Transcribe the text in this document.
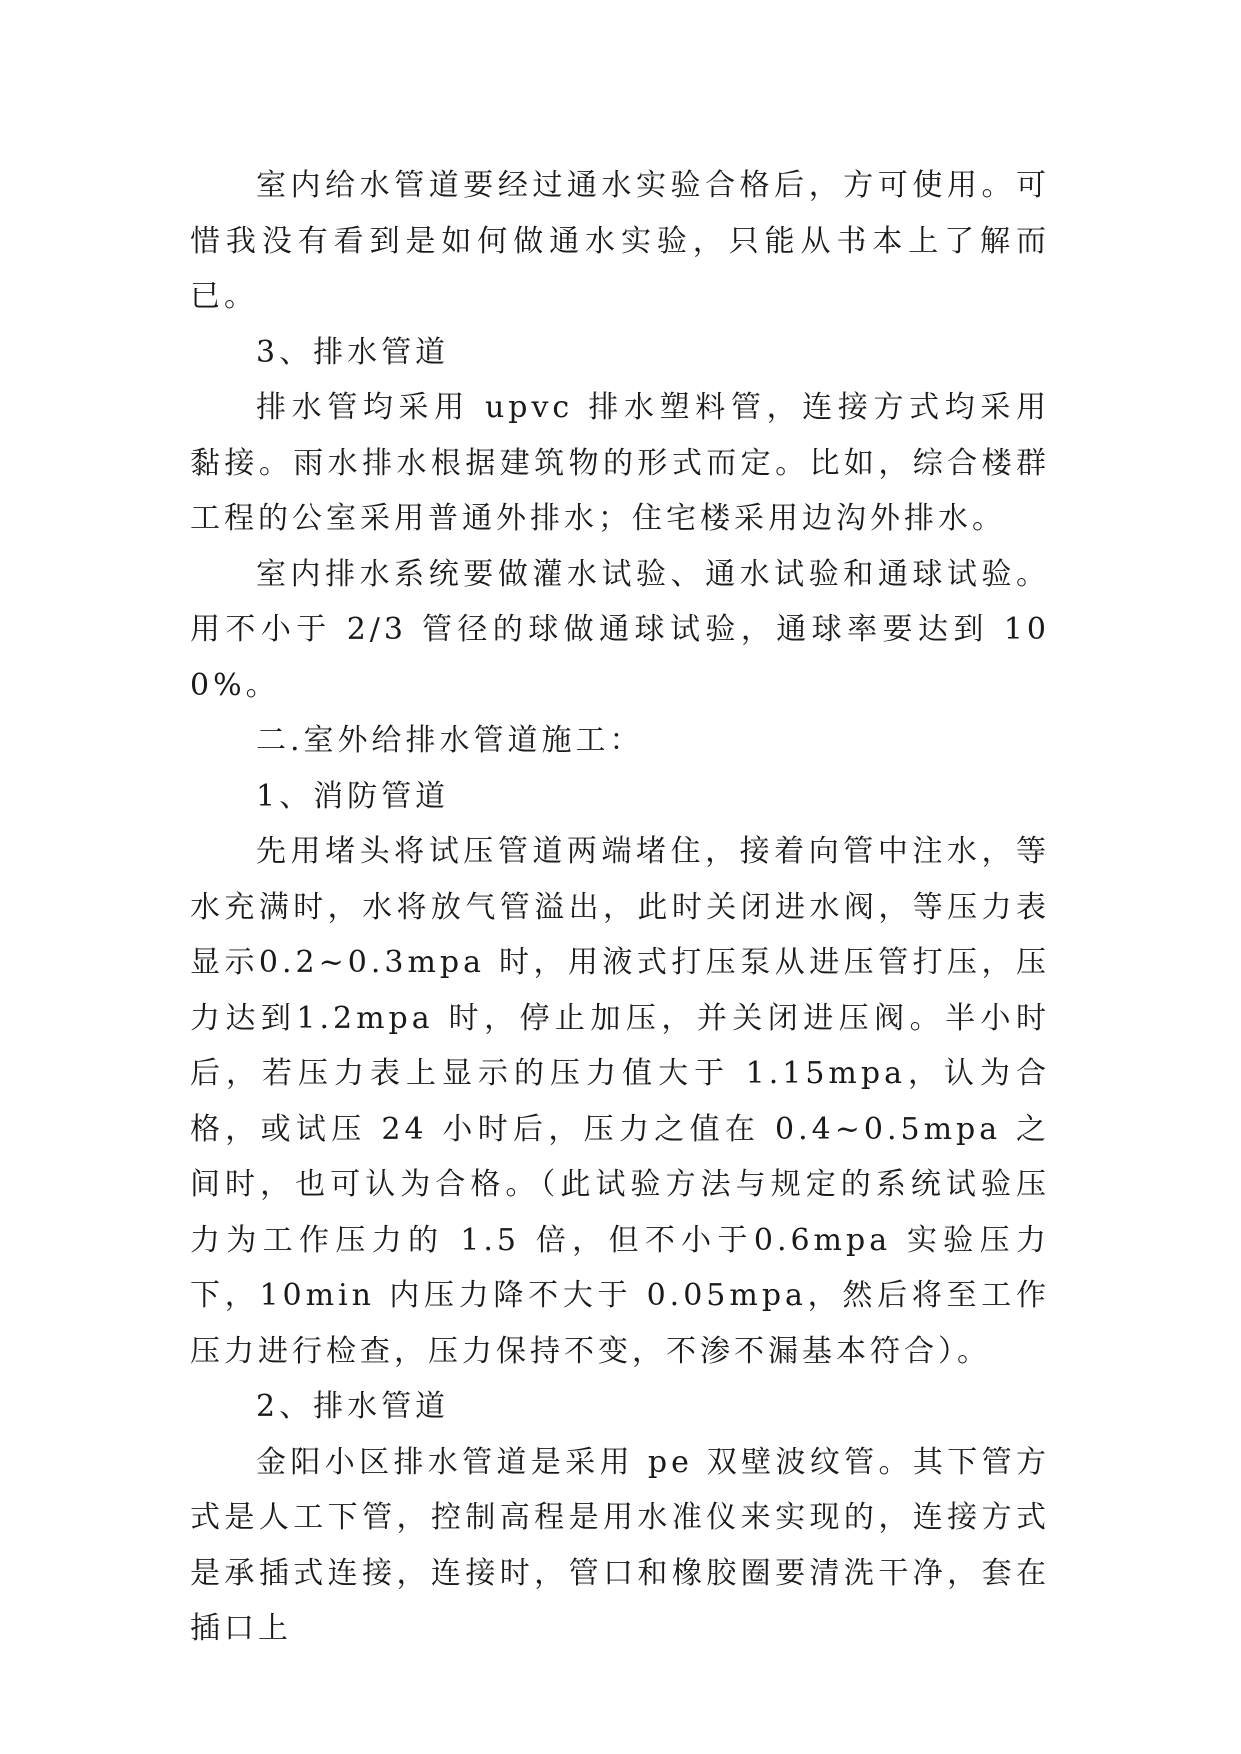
室内给水管道要经过通水实验合格后，方可使用。可惜我没有看到是如何做通水实验，只能从书本上了解而已。

3、排水管道

排水管均采用 upvc 排水塑料管，连接方式均采用黏接。雨水排水根据建筑物的形式而定。比如，综合楼群工程的公室采用普通外排水；住宅楼采用边沟外排水。

室内排水系统要做灌水试验、通水试验和通球试验。用不小于 2/3 管径的球做通球试验，通球率要达到 100%。

二.室外给排水管道施工：

1、消防管道

先用堵头将试压管道两端堵住，接着向管中注水，等水充满时，水将放气管溢出，此时关闭进水阀，等压力表显示0.2~0.3mpa 时，用液式打压泵从进压管打压，压力达到1.2mpa 时，停止加压，并关闭进压阀。半小时后，若压力表上显示的压力值大于 1.15mpa，认为合格，或试压 24 小时后，压力之值在 0.4~0.5mpa 之间时，也可认为合格。（此试验方法与规定的系统试验压力为工作压力的 1.5 倍，但不小于0.6mpa 实验压力下，10min 内压力降不大于 0.05mpa，然后将至工作压力进行检查，压力保持不变，不渗不漏基本符合）。

2、排水管道

金阳小区排水管道是采用 pe 双壁波纹管。其下管方式是人工下管，控制高程是用水准仪来实现的，连接方式是承插式连接，连接时，管口和橡胶圈要清洗干净，套在插口上
